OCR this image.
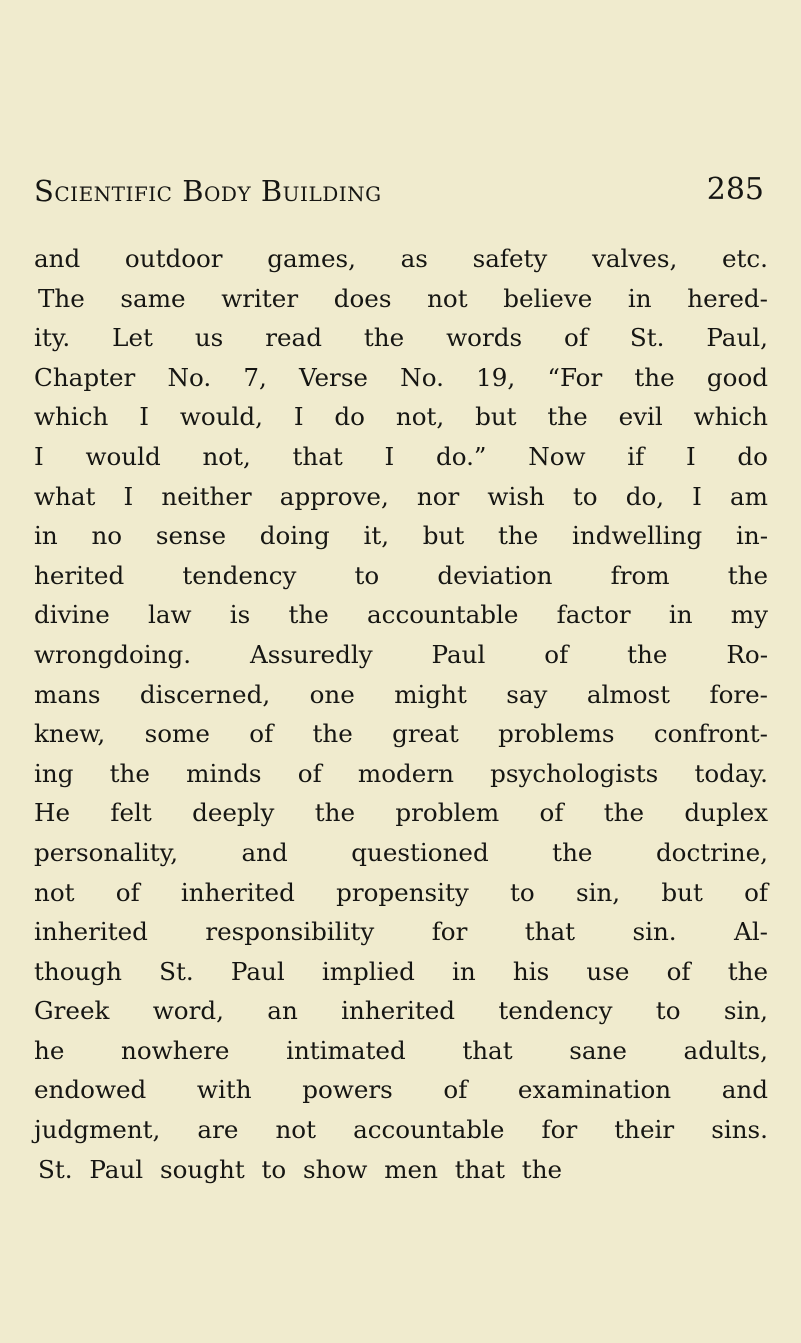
Scientific Body Building	285
and outdoor games, as safety valves, etc.
The same writer does not believe in hered-
ity. Let us read the words of St. Paul,
Chapter No. 7, Verse No. 19, “For the good
which I would, I do not, but the evil which
I would not, that I do.” Now if I do
what I neither approve, nor wish to do, I am
in no sense doing it, but the indwelling in-
herited tendency to deviation from the
divine law is the accountable factor in my
wrongdoing. Assuredly Paul of the Ro-
mans discerned, one might say almost fore-
knew, some of the great problems confront-
ing the minds of modern psychologists today.
He felt deeply the problem of the duplex
personality, and questioned the doctrine,
not of inherited propensity to sin, but of
inherited responsibility for that sin. Al-
though St. Paul implied in his use of the
Greek word, an inherited tendency to sin,
he nowhere intimated that sane adults,
endowed with powers of examination and
judgment, are not accountable for their sins.
St. Paul sought to show men that the
